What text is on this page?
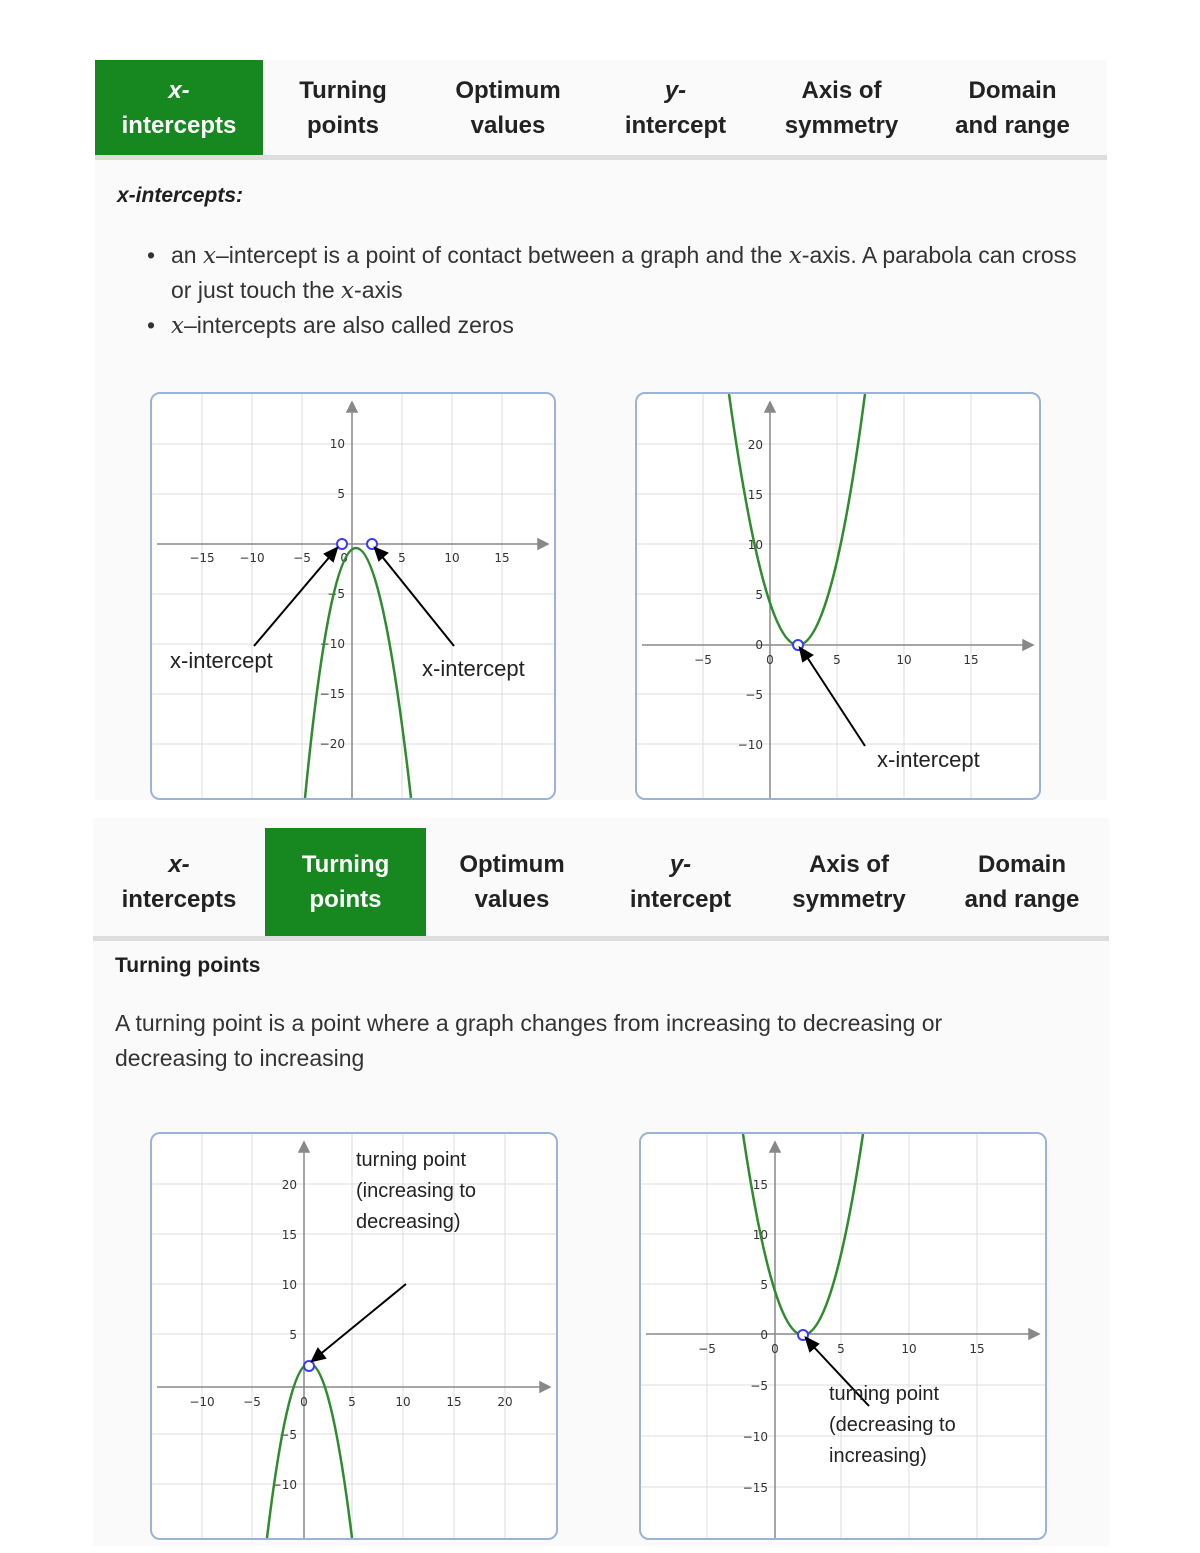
x-
intercepts
Turning
points
Optimum
values
y-
intercept
Axis of
symmetry
Domain
and range
x-intercepts:
• an x–intercept is a point of contact between a graph and the x-axis. A parabola can cross or just touch the x-axis
• x–intercepts are also called zeros
−15 −10 −5 0	5	10	15
10
5
−5
−10
−15
−20
x-intercept	x-intercept	−5	0	5	10	15
20
15
10
5
0
−5
−10
x-intercept
x-
intercepts
Turning
points
Optimum
values
y-
intercept
Axis of
symmetry
Domain
and range
Turning points
A turning point is a point where a graph changes from increasing to decreasing or decreasing to increasing
−10 −5	0	5	10	15	20
20
15
10
5
−5
−10
turning point
(increasing to
decreasing)
−5	0	5	10	15
15
10
5
0
−5
−10
−15
turning point
(decreasing to
increasing)
